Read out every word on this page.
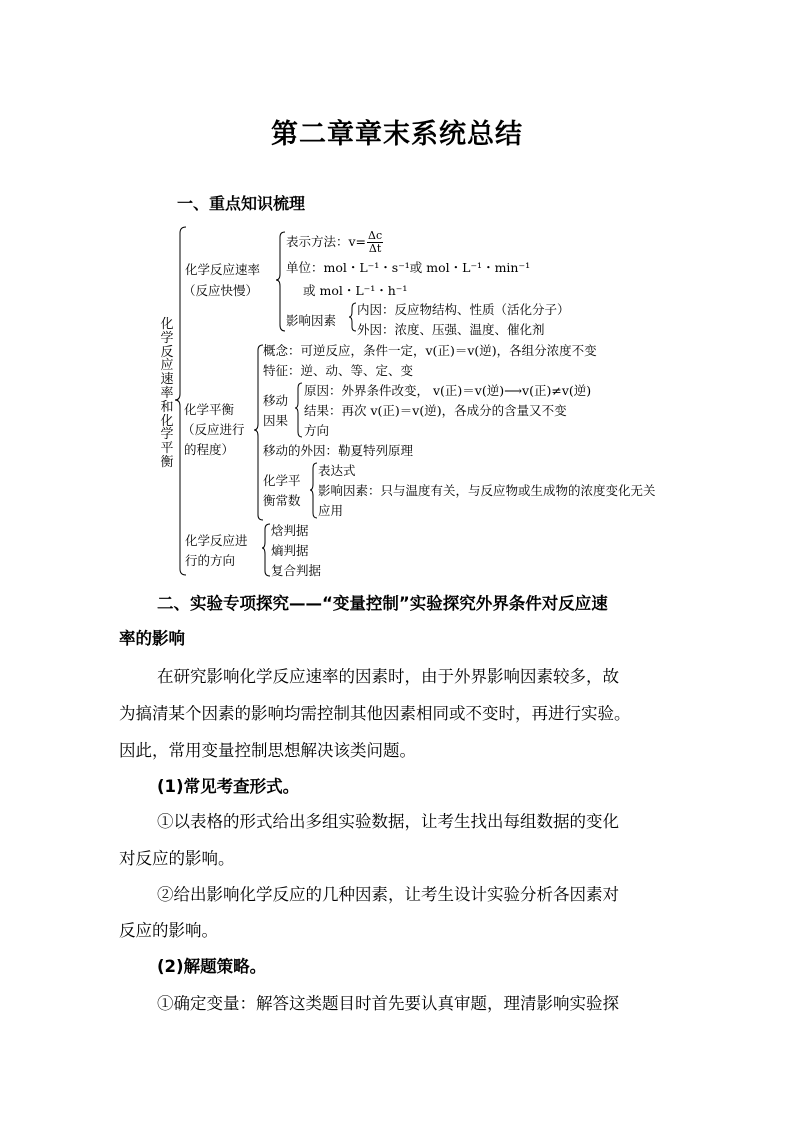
第二章章末系统总结
一、重点知识梳理
化学反应速率和化学平衡
化学反应速率
（反应快慢）
表示方法：$v= \frac{\Delta c}{\Delta t}$
单位：mol・L⁻¹・s⁻¹或 mol・L⁻¹・min⁻¹
或 mol・L⁻¹・h⁻¹
影响因素
内因：反应物结构、性质（活化分子）
外因：浓度、压强、温度、催化剂
化学平衡
（反应进行
的程度）
概念：可逆反应，条件一定，v(正)＝v(逆)，各组分浓度不变
特征：逆、动、等、定、变
移动
因果
原因：外界条件改变， v(正)＝v(逆)⟶v(正)≠v(逆)
结果：再次 v(正)＝v(逆)，各成分的含量又不变
方向
移动的外因：勒夏特列原理
化学平
衡常数
表达式
影响因素：只与温度有关，与反应物或生成物的浓度变化无关
应用
化学反应进
行的方向
焓判据
熵判据
复合判据
二、实验专项探究——“变量控制”实验探究外界条件对反应速
率的影响
在研究影响化学反应速率的因素时，由于外界影响因素较多，故
为搞清某个因素的影响均需控制其他因素相同或不变时，再进行实验。
因此，常用变量控制思想解决该类问题。
(1)常见考查形式。
①以表格的形式给出多组实验数据，让考生找出每组数据的变化
对反应的影响。
②给出影响化学反应的几种因素，让考生设计实验分析各因素对
反应的影响。
(2)解题策略。
①确定变量：解答这类题目时首先要认真审题，理清影响实验探
